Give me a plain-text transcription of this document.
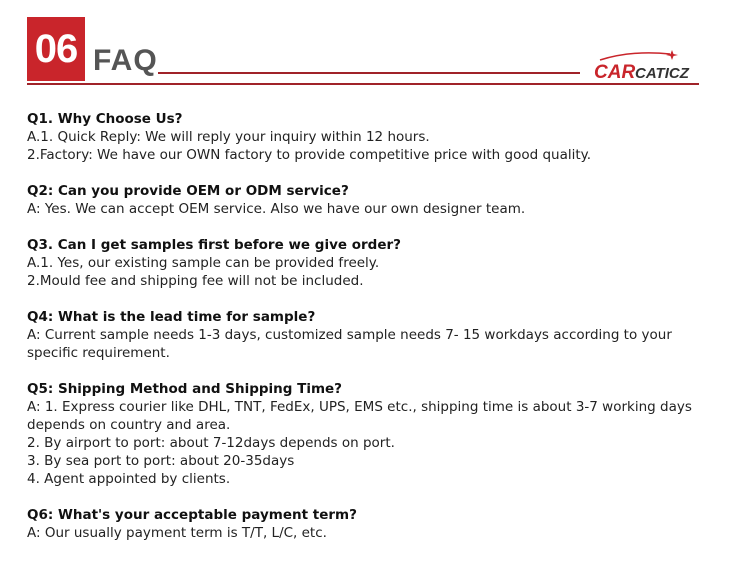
06 FAQ	CAR CATICZ
Q1. Why Choose Us?
A.1. Quick Reply: We will reply your inquiry within 12 hours.
2.Factory: We have our OWN factory to provide competitive price with good quality.
Q2: Can you provide OEM or ODM service?
A: Yes. We can accept OEM service. Also we have our own designer team.
Q3. Can I get samples first before we give order?
A.1. Yes, our existing sample can be provided freely.
2.Mould fee and shipping fee will not be included.
Q4: What is the lead time for sample?
A: Current sample needs 1-3 days, customized sample needs 7- 15 workdays according to your specific requirement.
Q5: Shipping Method and Shipping Time?
A: 1. Express courier like DHL, TNT, FedEx, UPS, EMS etc., shipping time is about 3-7 working days depends on country and area.
2. By airport to port: about 7-12days depends on port.
3. By sea port to port: about 20-35days
4. Agent appointed by clients.
Q6: What's your acceptable payment term?
A: Our usually payment term is T/T, L/C, etc.
